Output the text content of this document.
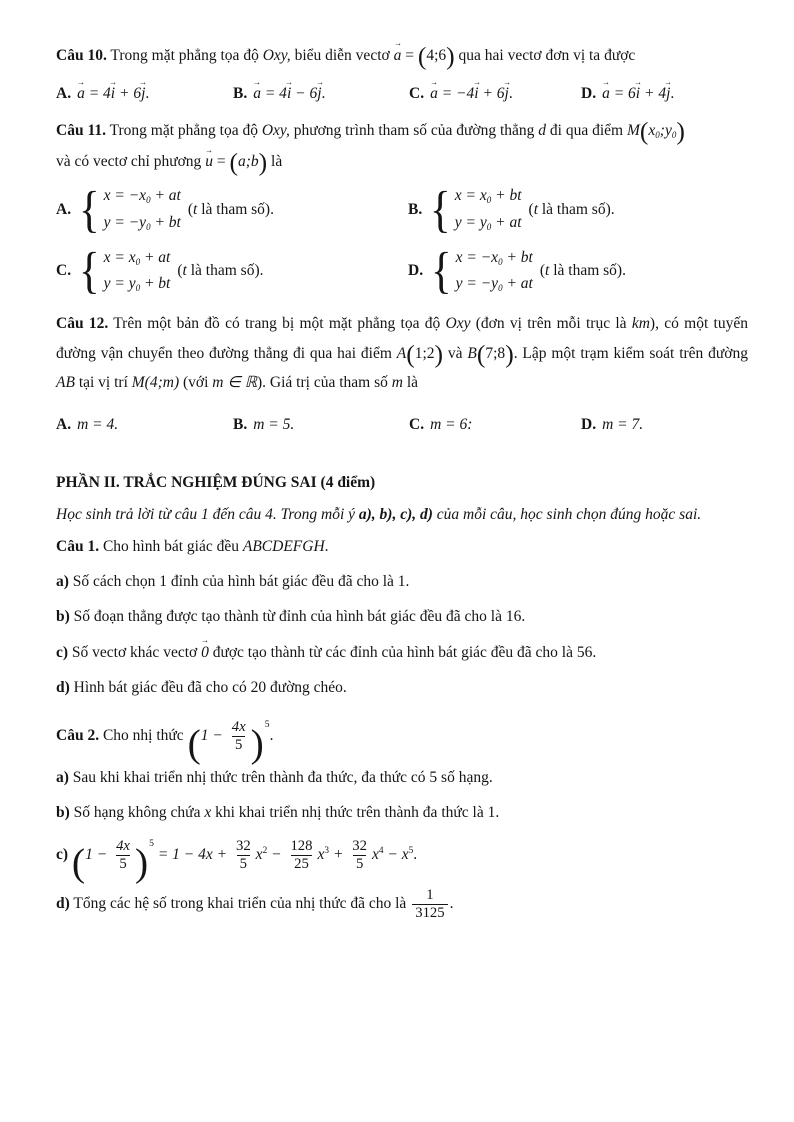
Câu 10. Trong mặt phẳng tọa độ Oxy, biểu diễn vectơ a → = (4;6) qua hai vectơ đơn vị ta được
A. a → = 4i → + 6j →.	B. a → = 4i → − 6j →.	C. a → = −4i → + 6j →.	D. a → = 6i → + 4j →.
Câu 11. Trong mặt phẳng tọa độ Oxy, phương trình tham số của đường thẳng d đi qua điểm $M(x_0;y_0)$
và có vectơ chỉ phương u → = (a;b) là
A. { $x = -x_0$ + at
$y = -y_0$ + bt
(t là tham số).	B. { $x = x_0$ + bt
$y = y_0$ + at
(t là tham số).
C. { $x = x_0$ + at
$y = y_0$ + bt
(t là tham số).	D. { $x = -x_0$ + bt
$y = -y_0$ + at
(t là tham số).
Câu 12. Trên một bản đồ có trang bị một mặt phẳng tọa độ Oxy (đơn vị trên mỗi trục là km), có một tuyến đường vận chuyển theo đường thẳng đi qua hai điểm A(1;2) và B(7;8). Lập một trạm kiểm soát trên đường AB tại vị trí M(4;m) (với m ∈ ℝ). Giá trị của tham số m là
A. m = 4.	B. m = 5.	C. m = 6:	D. m = 7.
PHẦN II. TRẮC NGHIỆM ĐÚNG SAI (4 điểm)
Học sinh trả lời từ câu 1 đến câu 4. Trong mỗi ý a), b), c), d) của mỗi câu, học sinh chọn đúng hoặc sai.
Câu 1. Cho hình bát giác đều ABCDEFGH.
a) Số cách chọn 1 đỉnh của hình bát giác đều đã cho là 1.
b) Số đoạn thẳng được tạo thành từ đỉnh của hình bát giác đều đã cho là 16.
c) Số vectơ khác vectơ 0 → được tạo thành từ các đỉnh của hình bát giác đều đã cho là 56.
d) Hình bát giác đều đã cho có 20 đường chéo.
Câu 2. Cho nhị thức $(1 - \frac{4x}{5} )^5$.
a) Sau khi khai triển nhị thức trên thành đa thức, đa thức có 5 số hạng.
b) Số hạng không chứa x khi khai triển nhị thức trên thành đa thức là 1.
c) $(1 - \frac{4x}{5} )^5 = 1 - 4x + \frac{32}{5} x^2 - \frac{128}{25} x^3 + \frac{32}{5} x^4 - x^5$.
d) Tổng các hệ số trong khai triển của nhị thức đã cho là $\frac{1}{3125}$ .
